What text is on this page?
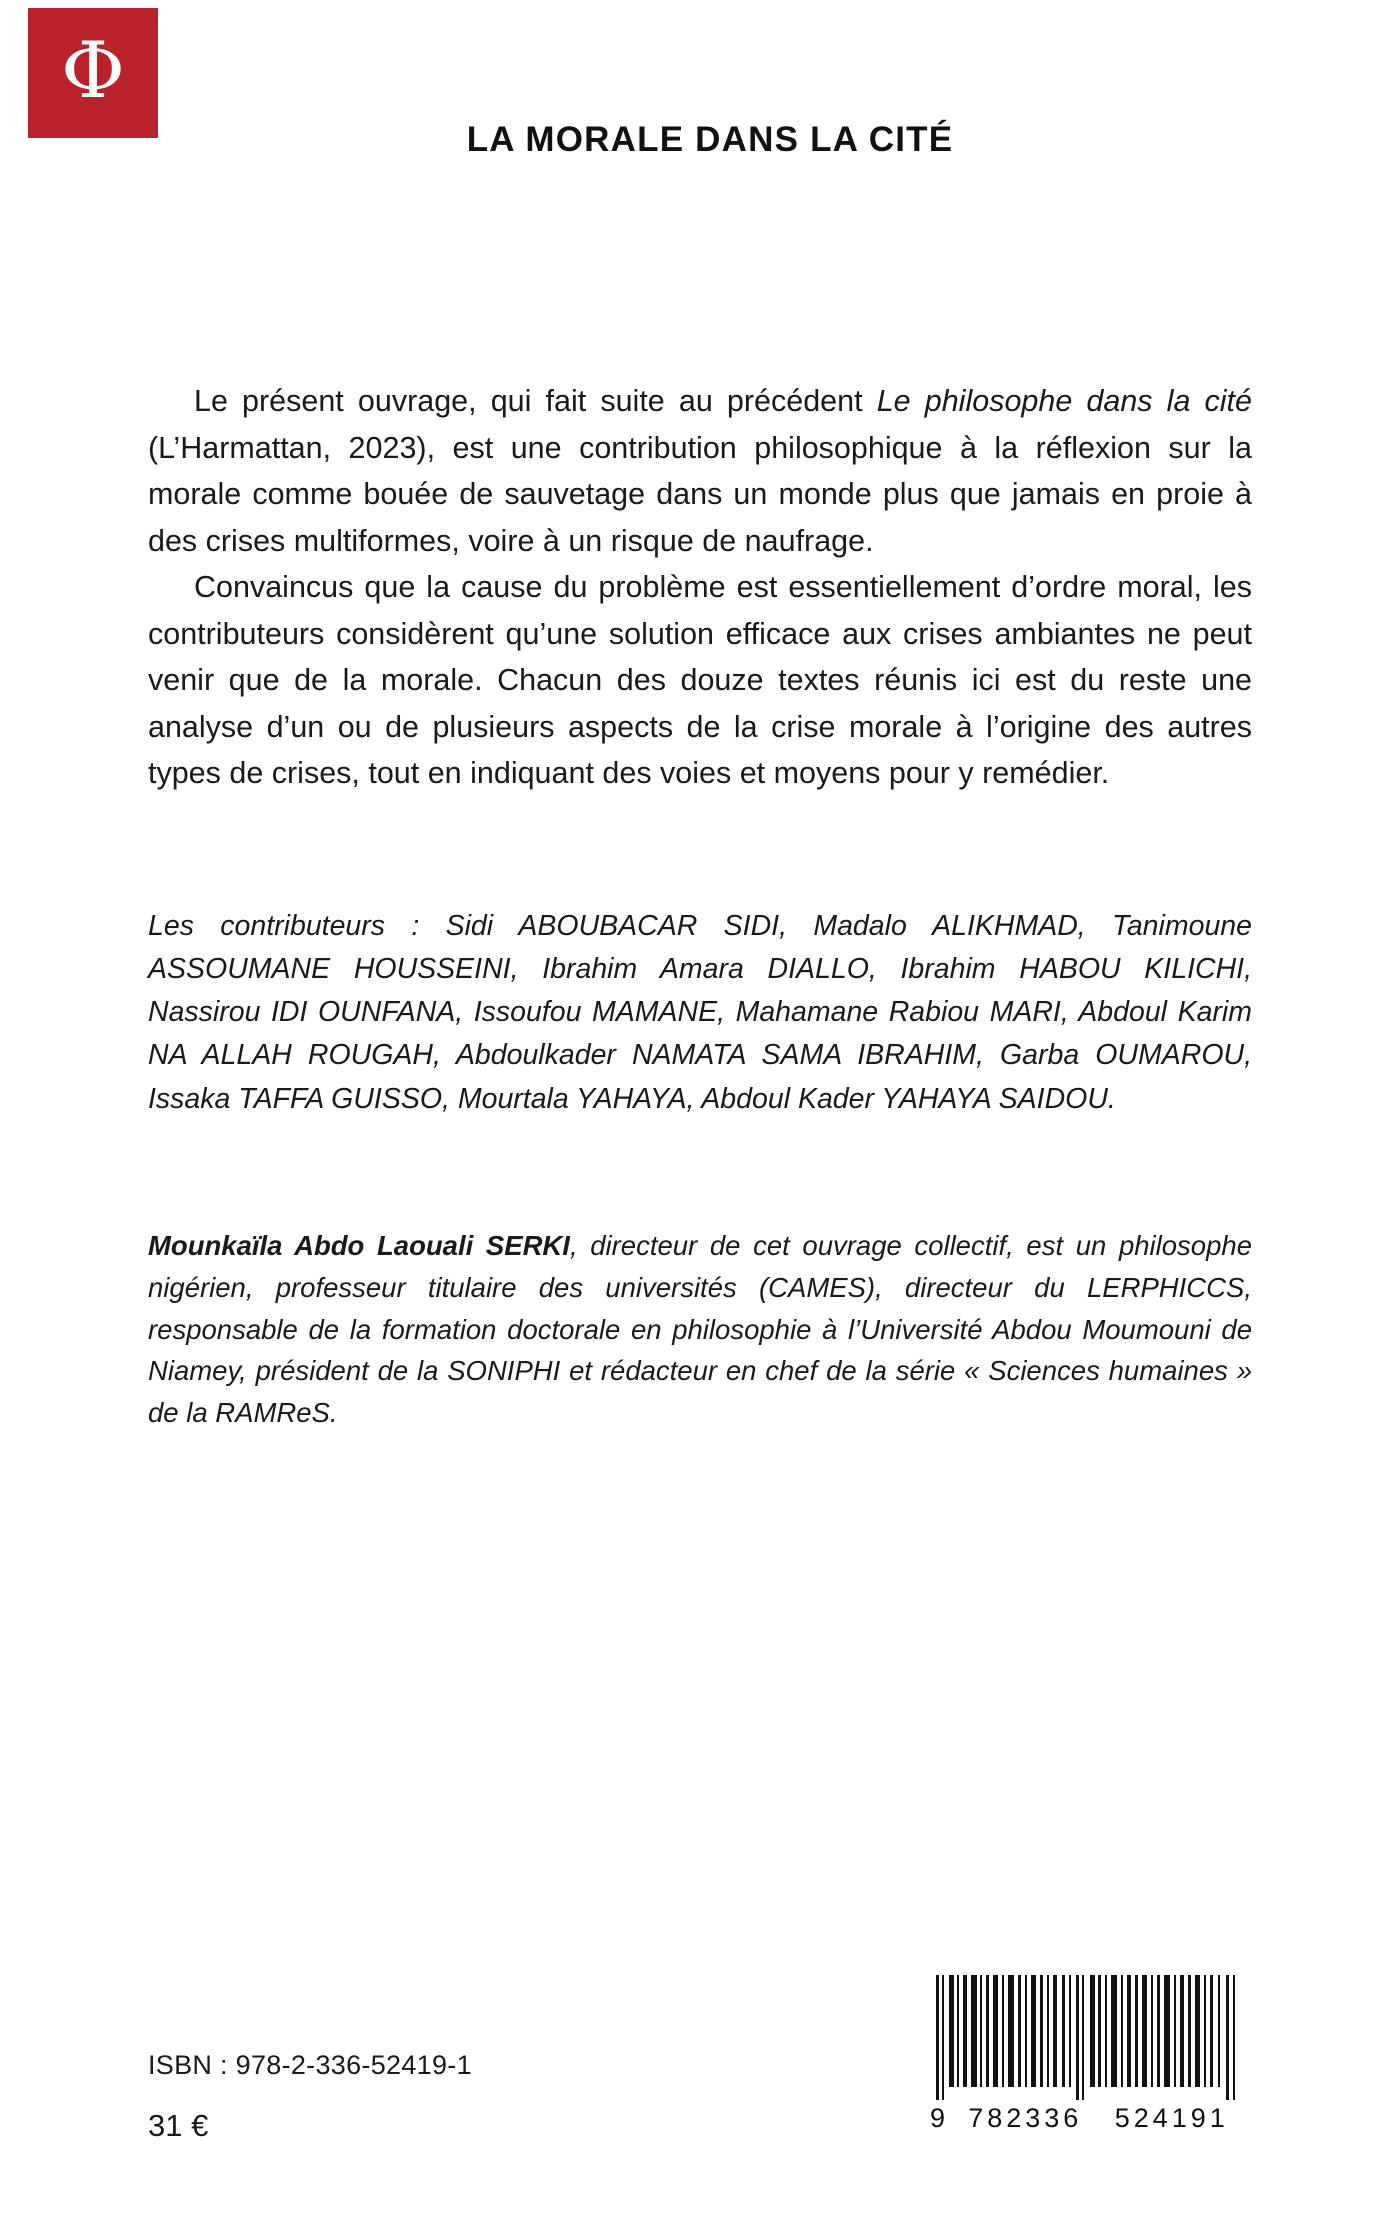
Φ
LA MORALE DANS LA CITÉ

Le présent ouvrage, qui fait suite au précédent Le philosophe dans la cité (L’Harmattan, 2023), est une contribution philosophique à la réflexion sur la morale comme bouée de sauvetage dans un monde plus que jamais en proie à des crises multiformes, voire à un risque de naufrage.

Convaincus que la cause du problème est essentiellement d’ordre moral, les contributeurs considèrent qu’une solution efficace aux crises ambiantes ne peut venir que de la morale. Chacun des douze textes réunis ici est du reste une analyse d’un ou de plusieurs aspects de la crise morale à l’origine des autres types de crises, tout en indiquant des voies et moyens pour y remédier.

Les contributeurs : Sidi ABOUBACAR SIDI, Madalo ALIKHMAD, Tanimoune ASSOUMANE HOUSSEINI, Ibrahim Amara DIALLO, Ibrahim HABOU KILICHI, Nassirou IDI OUNFANA, Issoufou MAMANE, Mahamane Rabiou MARI, Abdoul Karim NA ALLAH ROUGAH, Abdoulkader NAMATA SAMA IBRAHIM, Garba OUMAROU, Issaka TAFFA GUISSO, Mourtala YAHAYA, Abdoul Kader YAHAYA SAIDOU.

Mounkaïla Abdo Laouali SERKI, directeur de cet ouvrage collectif, est un philosophe nigérien, professeur titulaire des universités (CAMES), directeur du LERPHICCS, responsable de la formation doctorale en philosophie à l’Université Abdou Moumouni de Niamey, président de la SONIPHI et rédacteur en chef de la série « Sciences humaines » de la RAMReS.

ISBN : 978-2-336-52419-1
31 €	9 782336	524191
